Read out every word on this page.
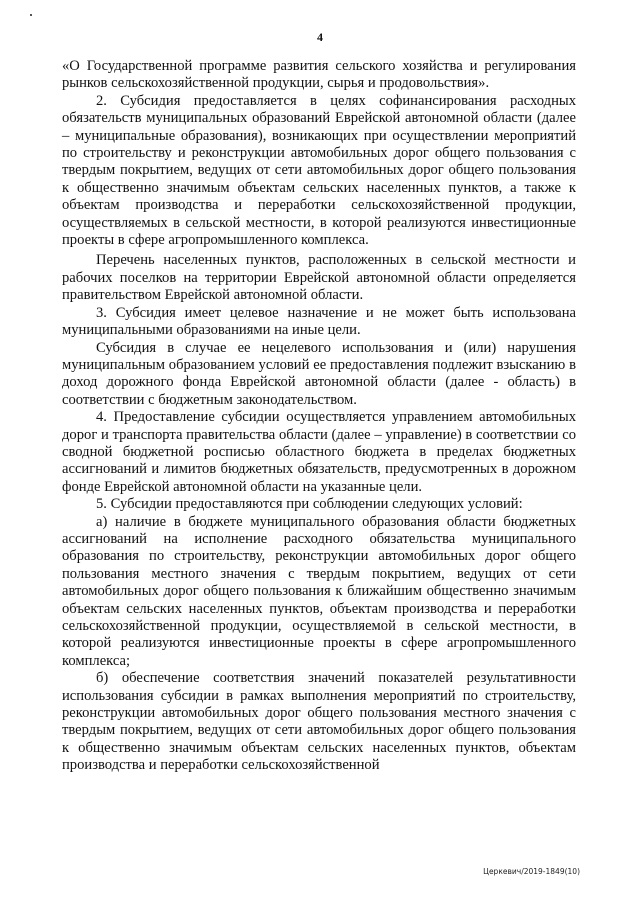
4

«О Государственной программе развития сельского хозяйства и регулирования рынков сельскохозяйственной продукции, сырья и продовольствия».

2. Субсидия предоставляется в целях софинансирования расходных обязательств муниципальных образований Еврейской автономной области (далее – муниципальные образования), возникающих при осуществлении мероприятий по строительству и реконструкции автомобильных дорог общего пользования с твердым покрытием, ведущих от сети автомобильных дорог общего пользования к общественно значимым объектам сельских населенных пунктов, а также к объектам производства и переработки сельскохозяйственной продукции, осуществляемых в сельской местности, в которой реализуются инвестиционные проекты в сфере агропромышленного комплекса.

Перечень населенных пунктов, расположенных в сельской местности и рабочих поселков на территории Еврейской автономной области определяется правительством Еврейской автономной области.

3. Субсидия имеет целевое назначение и не может быть использована муниципальными образованиями на иные цели.

Субсидия в случае ее нецелевого использования и (или) нарушения муниципальным образованием условий ее предоставления подлежит взысканию в доход дорожного фонда Еврейской автономной области (далее - область) в соответствии с бюджетным законодательством.

4. Предоставление субсидии осуществляется управлением автомобильных дорог и транспорта правительства области (далее – управление) в соответствии со сводной бюджетной росписью областного бюджета в пределах бюджетных ассигнований и лимитов бюджетных обязательств, предусмотренных в дорожном фонде Еврейской автономной области на указанные цели.

5. Субсидии предоставляются при соблюдении следующих условий:

а) наличие в бюджете муниципального образования области бюджетных ассигнований на исполнение расходного обязательства муниципального образования по строительству, реконструкции автомобильных дорог общего пользования местного значения с твердым покрытием, ведущих от сети автомобильных дорог общего пользования к ближайшим общественно значимым объектам сельских населенных пунктов, объектам производства и переработки сельскохозяйственной продукции, осуществляемой в сельской местности, в которой реализуются инвестиционные проекты в сфере агропромышленного комплекса;

б) обеспечение соответствия значений показателей результативности использования субсидии в рамках выполнения мероприятий по строительству, реконструкции автомобильных дорог общего пользования местного значения с твердым покрытием, ведущих от сети автомобильных дорог общего пользования к общественно значимым объектам сельских населенных пунктов, объектам производства и переработки сельскохозяйственной

Церкевич/2019-1849(10)
